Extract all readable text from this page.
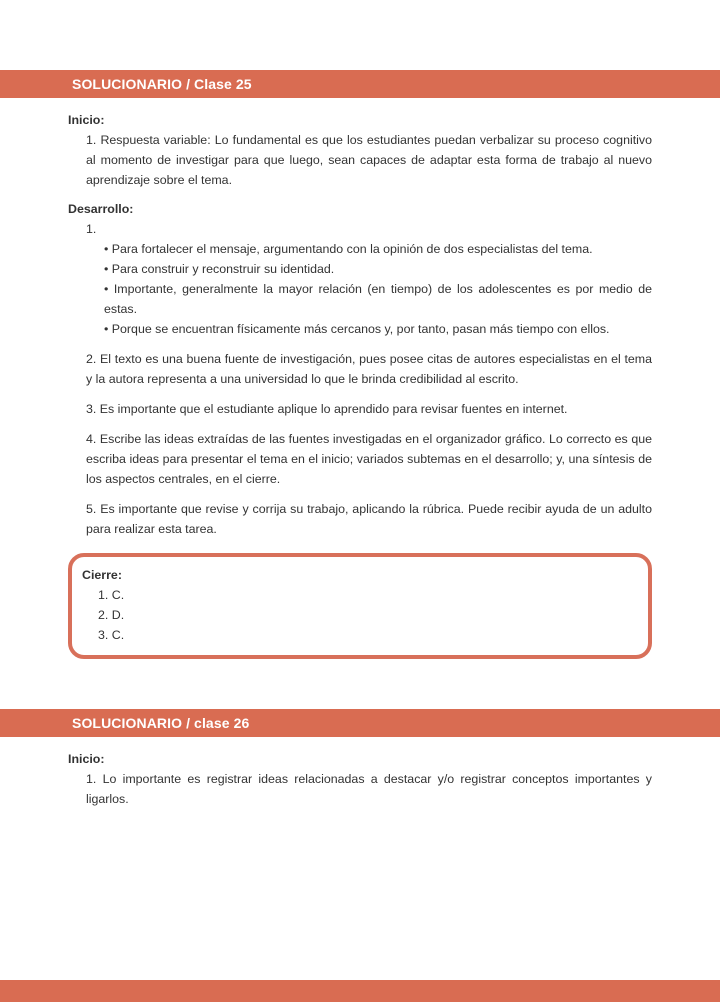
SOLUCIONARIO / Clase 25
Inicio:
1. Respuesta variable: Lo fundamental es que los estudiantes puedan verbalizar su proceso cognitivo al momento de investigar para que luego, sean capaces de adaptar esta forma de trabajo al nuevo aprendizaje sobre el tema.
Desarrollo:
1.
• Para fortalecer el mensaje, argumentando con la opinión de dos especialistas del tema.
• Para construir y reconstruir su identidad.
• Importante, generalmente la mayor relación (en tiempo) de los adolescentes es por medio de estas.
• Porque se encuentran físicamente más cercanos y, por tanto, pasan más tiempo con ellos.
2. El texto es una buena fuente de investigación, pues posee citas de autores especialistas en el tema y la autora representa a una universidad lo que le brinda credibilidad al escrito.
3. Es importante que el estudiante aplique lo aprendido para revisar fuentes en internet.
4. Escribe las ideas extraídas de las fuentes investigadas en el organizador gráfico. Lo correcto es que escriba ideas para presentar el tema en el inicio; variados subtemas en el desarrollo; y, una síntesis de los aspectos centrales, en el cierre.
5. Es importante que revise y corrija su trabajo, aplicando la rúbrica. Puede recibir ayuda de un adulto para realizar esta tarea.
Cierre:
1. C.
2. D.
3. C.
SOLUCIONARIO / clase 26
Inicio:
1. Lo importante es registrar ideas relacionadas a destacar y/o registrar conceptos importantes y ligarlos.
